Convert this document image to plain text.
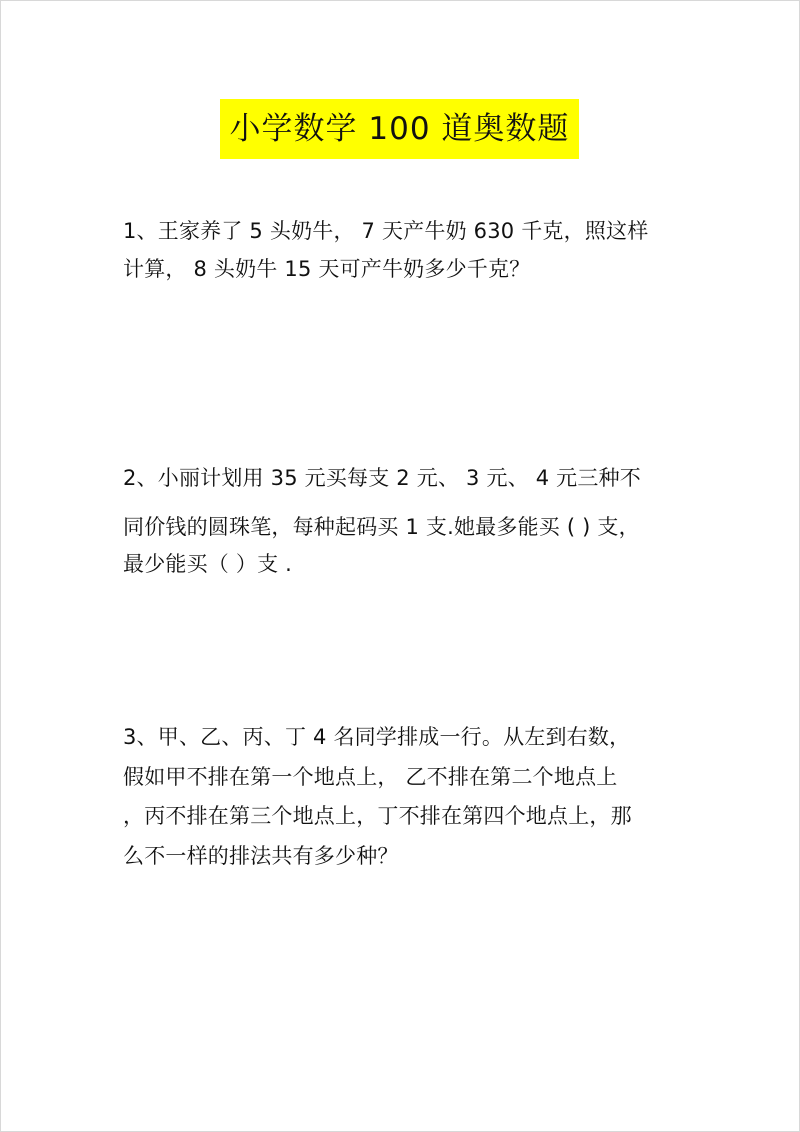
小学数学 100 道奥数题
1、王家养了 5 头奶牛， 7 天产牛奶 630 千克，照这样
计算， 8 头奶牛 15 天可产牛奶多少千克？
2、小丽计划用 35 元买每支 2 元、 3 元、 4 元三种不
同价钱的圆珠笔，每种起码买 1 支.她最多能买 ( ) 支，
最少能买（ ）支 .
3、甲、乙、丙、丁 4 名同学排成一行。从左到右数，
假如甲不排在第一个地点上， 乙不排在第二个地点上
，丙不排在第三个地点上，丁不排在第四个地点上，那
么不一样的排法共有多少种？
